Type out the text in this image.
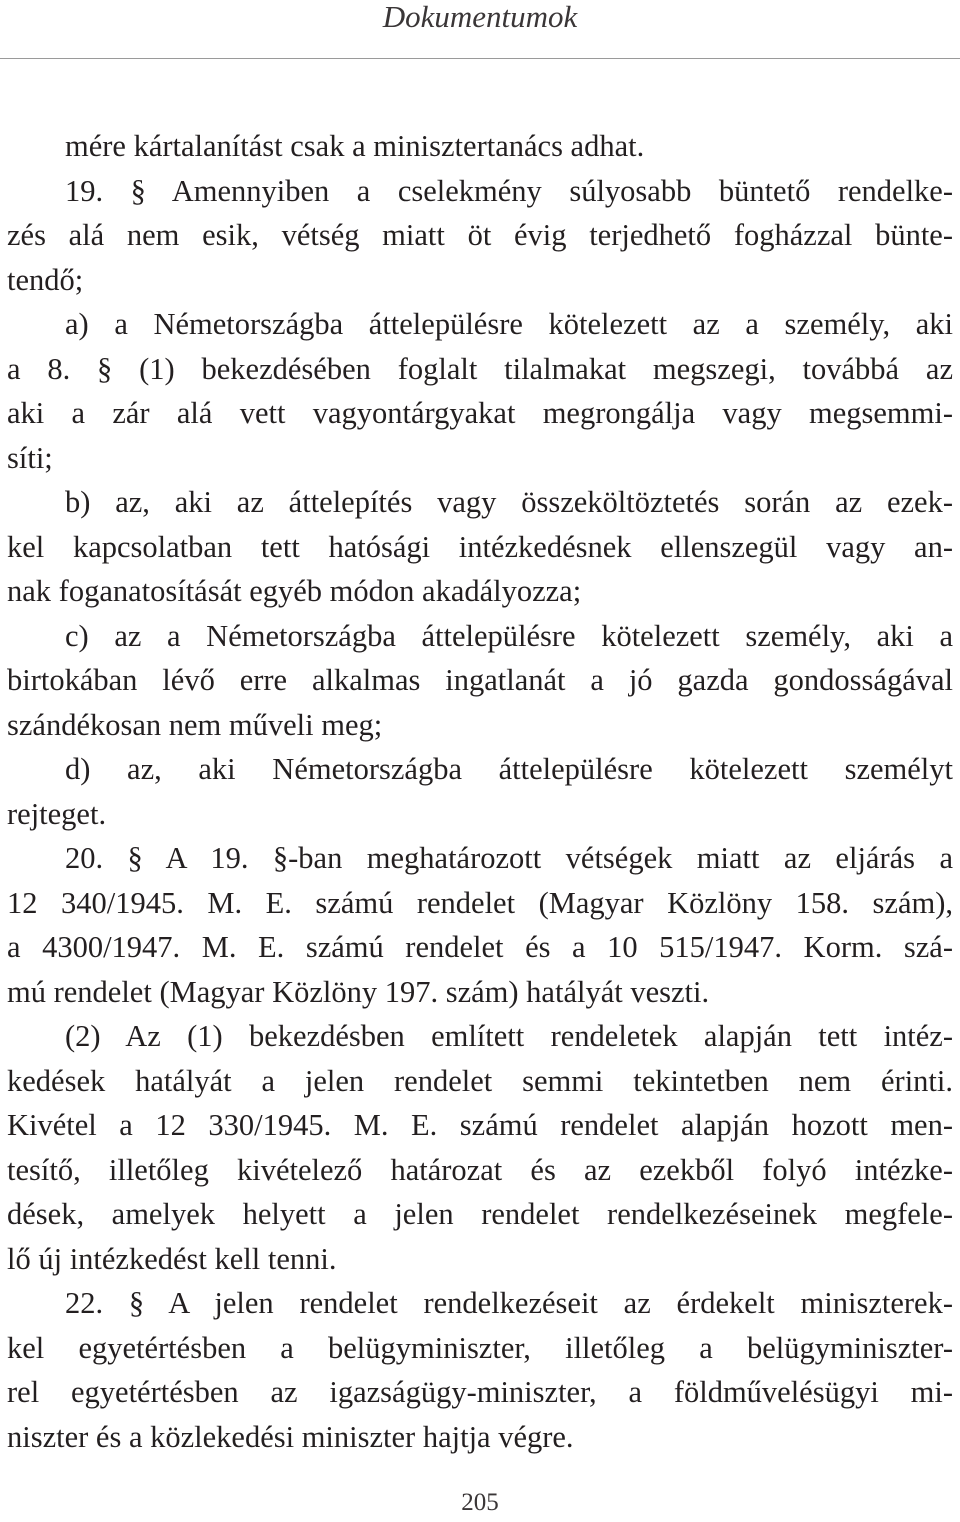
Dokumentumok
mére kártalanítást csak a minisztertanács adhat.
19. § Amennyiben a cselekmény súlyosabb büntető rendelke-
zés alá nem esik, vétség miatt öt évig terjedhető fogházzal bünte-
tendő;
a) a Németországba áttelepülésre kötelezett az a személy, aki
a 8. § (1) bekezdésében foglalt tilalmakat megszegi, továbbá az
aki a zár alá vett vagyontárgyakat megrongálja vagy megsemmi-
síti;
b) az, aki az áttelepítés vagy összeköltöztetés során az ezek-
kel kapcsolatban tett hatósági intézkedésnek ellenszegül vagy an-
nak foganatosítását egyéb módon akadályozza;
c) az a Németországba áttelepülésre kötelezett személy, aki a
birtokában lévő erre alkalmas ingatlanát a jó gazda gondosságával
szándékosan nem műveli meg;
d) az, aki Németországba áttelepülésre kötelezett személyt
rejteget.
20. § A 19. §-ban meghatározott vétségek miatt az eljárás a
12 340/1945. M. E. számú rendelet (Magyar Közlöny 158. szám),
a 4300/1947. M. E. számú rendelet és a 10 515/1947. Korm. szá-
mú rendelet (Magyar Közlöny 197. szám) hatályát veszti.
(2) Az (1) bekezdésben említett rendeletek alapján tett intéz-
kedések hatályát a jelen rendelet semmi tekintetben nem érinti.
Kivétel a 12 330/1945. M. E. számú rendelet alapján hozott men-
tesítő, illetőleg kivételező határozat és az ezekből folyó intézke-
dések, amelyek helyett a jelen rendelet rendelkezéseinek megfele-
lő új intézkedést kell tenni.
22. § A jelen rendelet rendelkezéseit az érdekelt miniszterek-
kel egyetértésben a belügyminiszter, illetőleg a belügyminiszter-
rel egyetértésben az igazságügy-miniszter, a földművelésügyi mi-
niszter és a közlekedési miniszter hajtja végre.
205
